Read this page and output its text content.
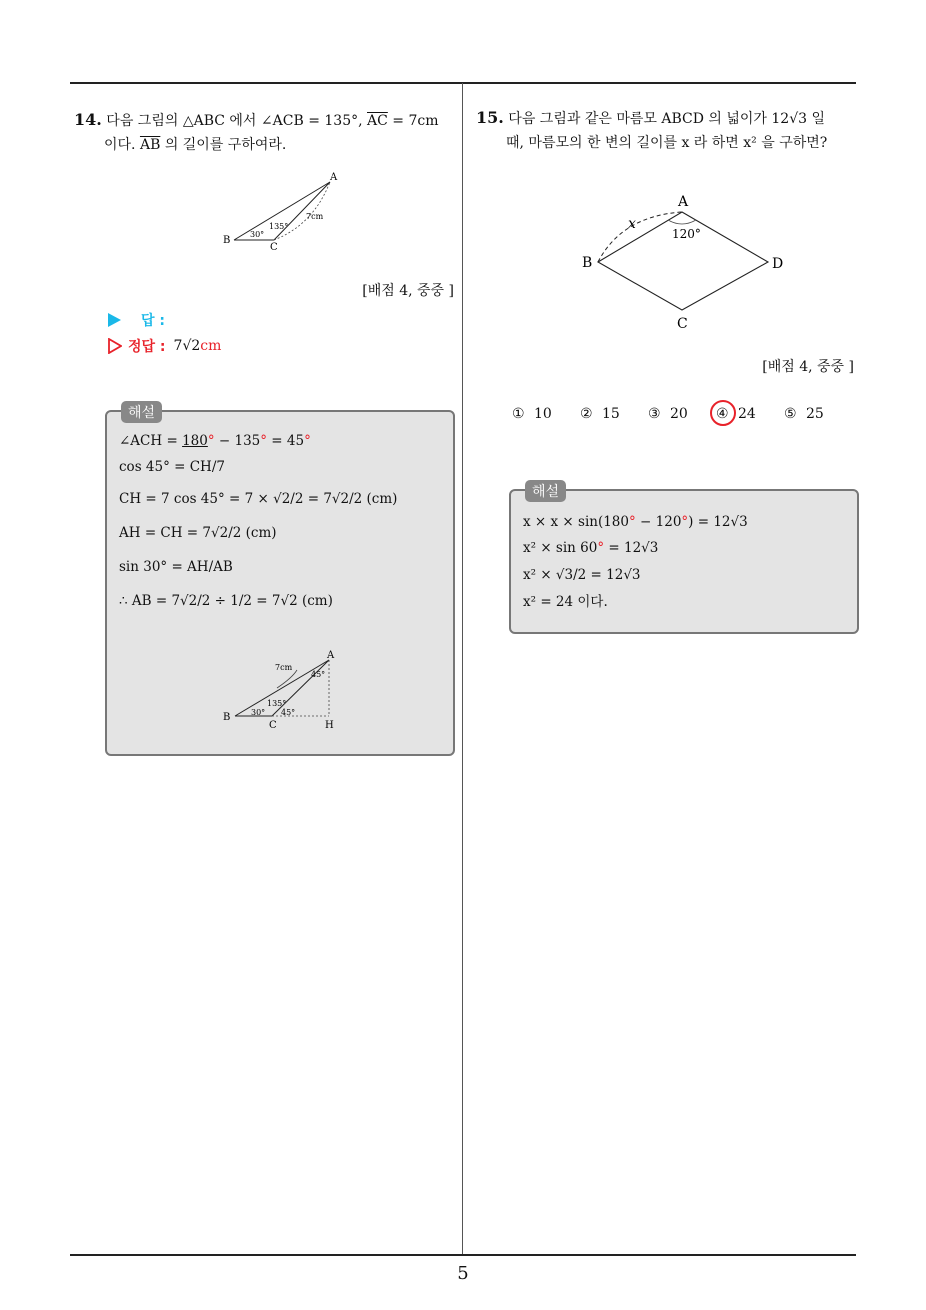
5
14. 다음 그림의 △ABC 에서 ∠ACB = 135°, $\overline{AC} = 7cm$
이다. $\overline{AB}$ 의 길이를 구하여라.
A
B
C
30°
135°
7cm
[배점 4, 중중 ]
답 :
정답 : 7√2cm
해설
∠ACH = 180° − 135° = 45°
cos 45° = CH/7
CH = 7 cos 45° = 7 × √2/2 = 7√2/2 (cm)
AH = CH = 7√2/2 (cm)
sin 30° = AH/AB
∴ AB = 7√2/2 ÷ 1/2 = 7√2 (cm)
A
B
C	H
30°
135°
45°
45°
7cm
15. 다음 그림과 같은 마름모 ABCD 의 넓이가 12√3 일
때, 마름모의 한 변의 길이를 x 라 하면 x² 을 구하면?
A
B
C
D
x
120°
[배점 4, 중중 ]
① 10 ② 15 ③ 20 ④ 24 ⑤ 25
해설
x × x × sin(180° − 120°) = 12√3
x² × sin 60° = 12√3
x² × √3/2 = 12√3
x² = 24 이다.
